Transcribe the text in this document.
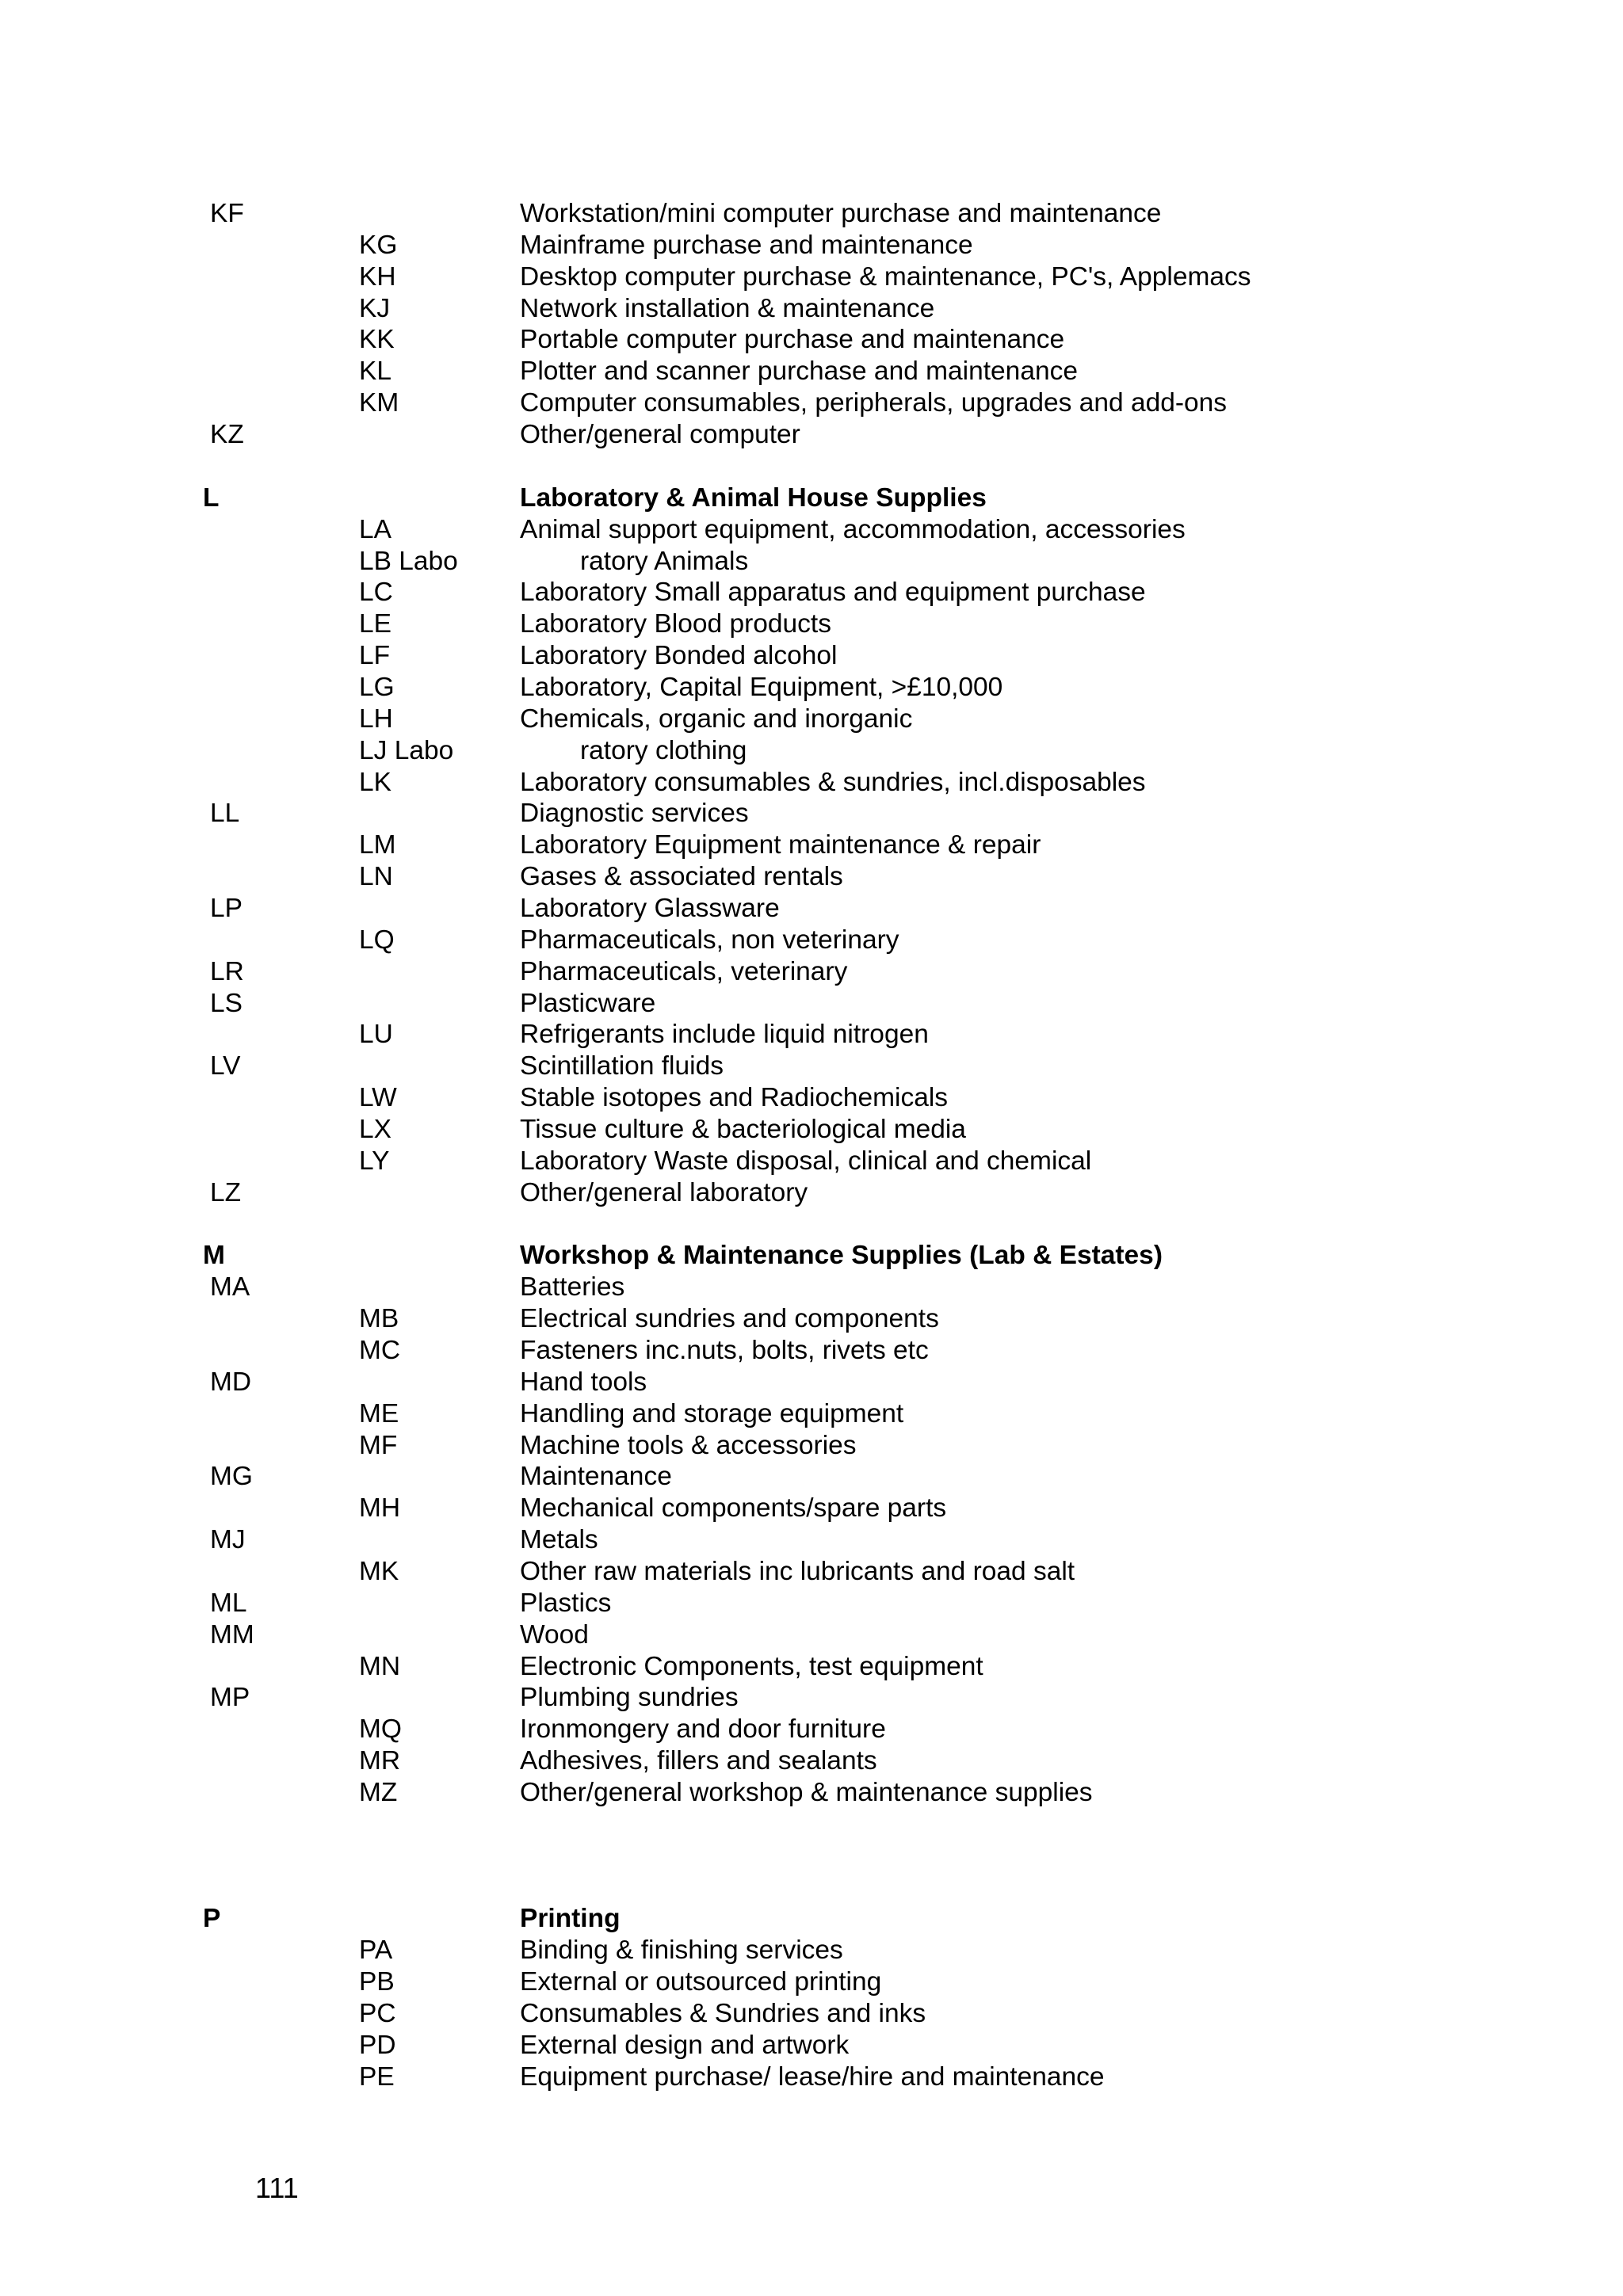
KF	Workstation/mini computer purchase and maintenance
KG	Mainframe purchase and maintenance
KH	Desktop computer purchase & maintenance, PC's, Applemacs
KJ	Network installation & maintenance
KK	Portable computer purchase and maintenance
KL	Plotter and scanner purchase and maintenance
KM	Computer consumables, peripherals, upgrades and add-ons
KZ	Other/general computer
L	Laboratory & Animal House Supplies
LA	Animal support equipment, accommodation, accessories
LB Labo	ratory Animals
LC	Laboratory Small apparatus and equipment purchase
LE	Laboratory Blood products
LF	Laboratory Bonded alcohol
LG	Laboratory, Capital Equipment, >£10,000
LH	Chemicals, organic and inorganic
LJ Labo	ratory clothing
LK	Laboratory consumables & sundries, incl.disposables
LL	Diagnostic services
LM	Laboratory Equipment maintenance & repair
LN	Gases & associated rentals
LP	Laboratory Glassware
LQ	Pharmaceuticals, non veterinary
LR	Pharmaceuticals, veterinary
LS	Plasticware
LU	Refrigerants include liquid nitrogen
LV	Scintillation fluids
LW	Stable isotopes and Radiochemicals
LX	Tissue culture & bacteriological media
LY	Laboratory Waste disposal, clinical and chemical
LZ	Other/general laboratory
M	Workshop & Maintenance Supplies (Lab & Estates)
MA	Batteries
MB	Electrical sundries and components
MC	Fasteners inc.nuts, bolts, rivets etc
MD	Hand tools
ME	Handling and storage equipment
MF	Machine tools & accessories
MG	Maintenance
MH	Mechanical components/spare parts
MJ	Metals
MK	Other raw materials inc lubricants and road salt
ML	Plastics
MM	Wood
MN	Electronic Components, test equipment
MP	Plumbing sundries
MQ	Ironmongery and door furniture
MR	Adhesives, fillers and sealants
MZ	Other/general workshop & maintenance supplies
P	Printing
PA	Binding & finishing services
PB	External or outsourced printing
PC	Consumables & Sundries and inks
PD	External design and artwork
PE	Equipment purchase/ lease/hire and maintenance
111
